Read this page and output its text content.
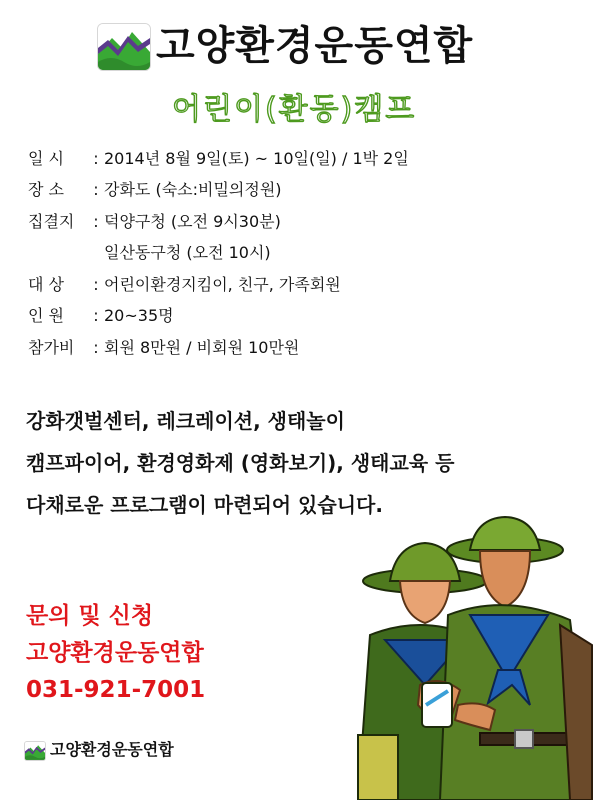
고양환경운동연합
어린이(환동)캠프
일 시 : 2014년 8월 9일(토) ~ 10일(일) / 1박 2일
장 소 : 강화도 (숙소:비밀의정원)
집결지 : 덕양구청 (오전 9시30분)
일산동구청 (오전 10시)
대 상 : 어린이환경지킴이, 친구, 가족회원
인 원 : 20~35명
참가비 : 회원 8만원 / 비회원 10만원
강화갯벌센터, 레크레이션, 생태놀이
캠프파이어, 환경영화제 (영화보기), 생태교육 등
다채로운 프로그램이 마련되어 있습니다.
문의 및 신청
고양환경운동연합
031-921-7001
고양환경운동연합
